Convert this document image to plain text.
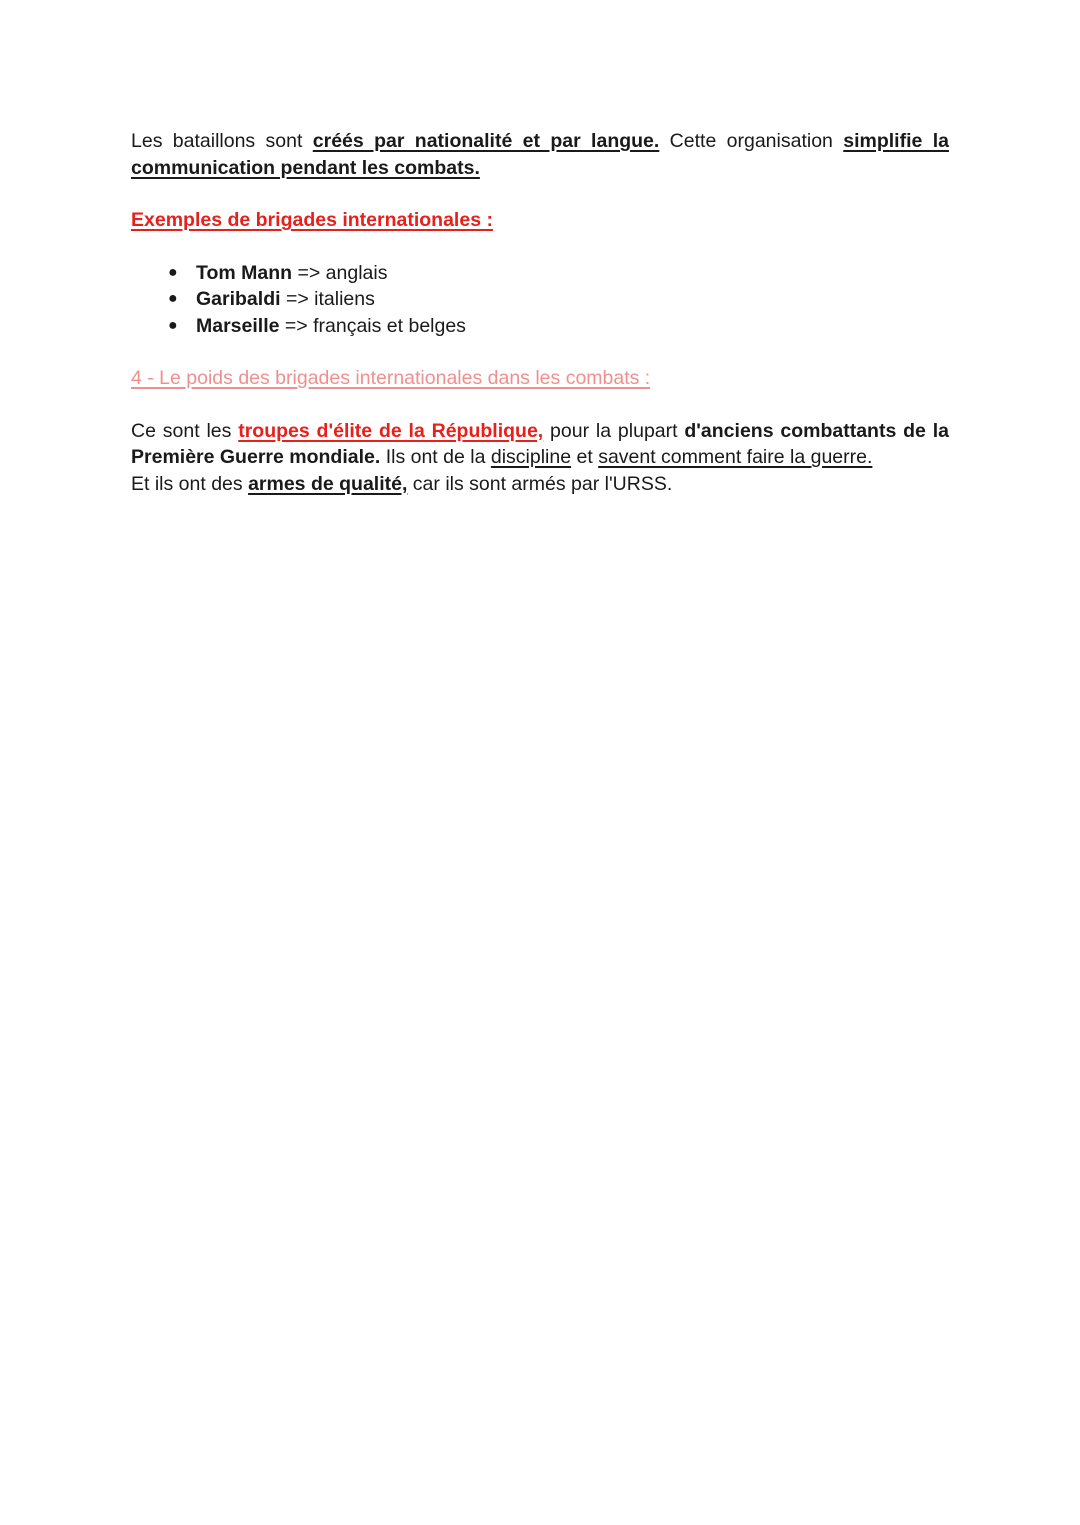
Les bataillons sont créés par nationalité et par langue. Cette organisation simplifie la

communication pendant les combats.

Exemples de brigades internationales :

● Tom Mann => anglais
● Garibaldi => italiens
● Marseille => français et belges

4 - Le poids des brigades internationales dans les combats :

Ce sont les troupes d'élite de la République, pour la plupart d'anciens combattants de la

Première Guerre mondiale. Ils ont de la discipline et savent comment faire la guerre.

Et ils ont des armes de qualité, car ils sont armés par l'URSS.
